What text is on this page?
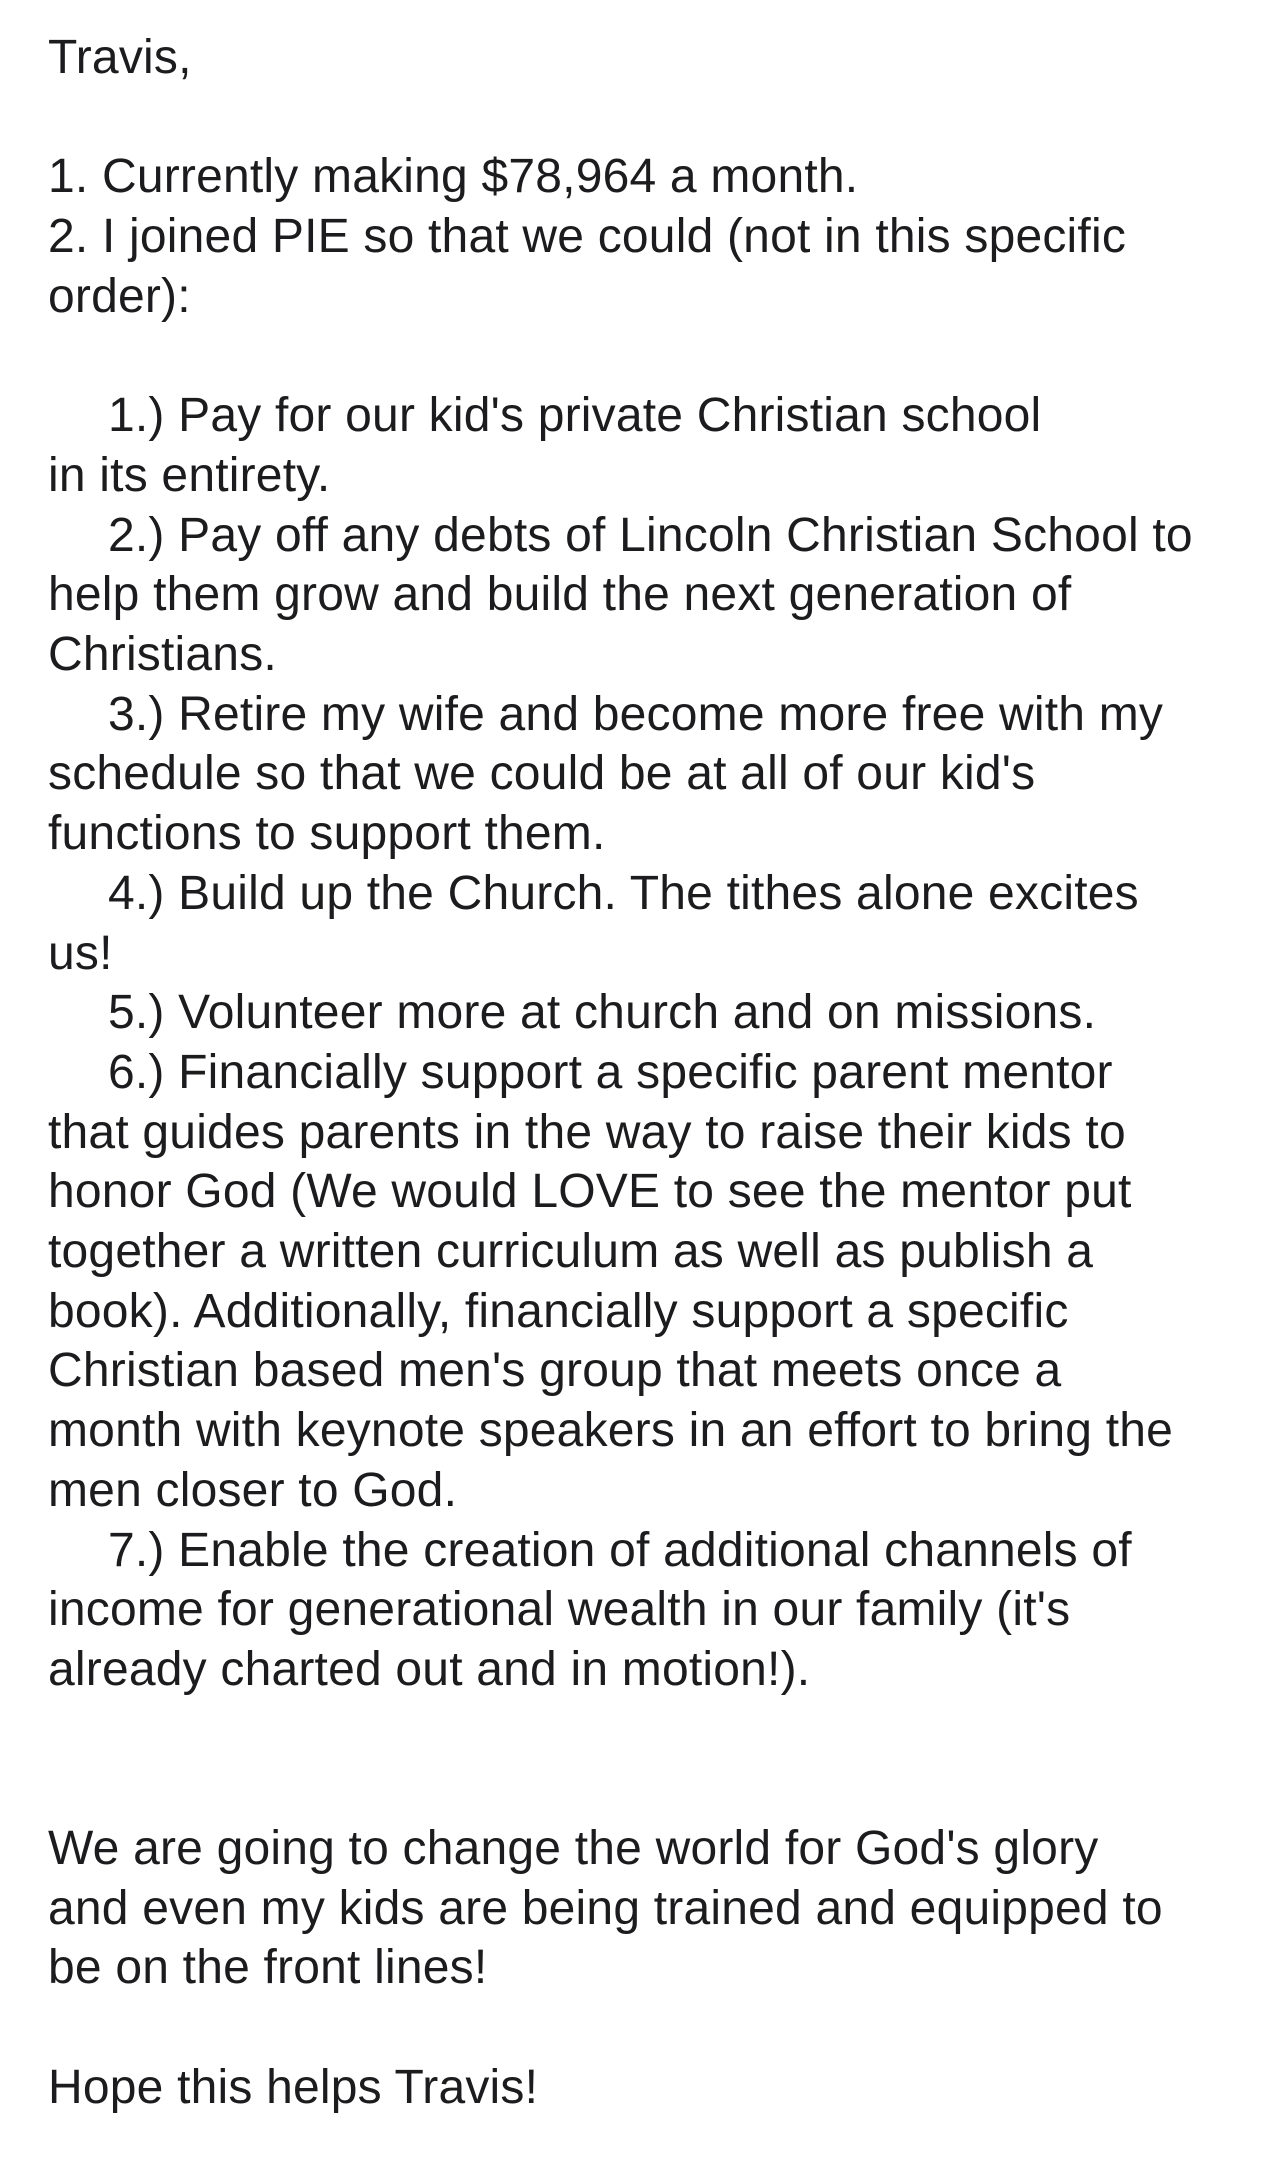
Travis,
1. Currently making $78,964 a month.
2. I joined PIE so that we could (not in this specific
order):
1.) Pay for our kid's private Christian school
in its entirety.
2.) Pay off any debts of Lincoln Christian School to
help them grow and build the next generation of
Christians.
3.) Retire my wife and become more free with my
schedule so that we could be at all of our kid's
functions to support them.
4.) Build up the Church. The tithes alone excites
us!
5.) Volunteer more at church and on missions.
6.) Financially support a specific parent mentor
that guides parents in the way to raise their kids to
honor God (We would LOVE to see the mentor put
together a written curriculum as well as publish a
book). Additionally, financially support a specific
Christian based men's group that meets once a
month with keynote speakers in an effort to bring the
men closer to God.
7.) Enable the creation of additional channels of
income for generational wealth in our family (it's
already charted out and in motion!).
We are going to change the world for God's glory
and even my kids are being trained and equipped to
be on the front lines!
Hope this helps Travis!
